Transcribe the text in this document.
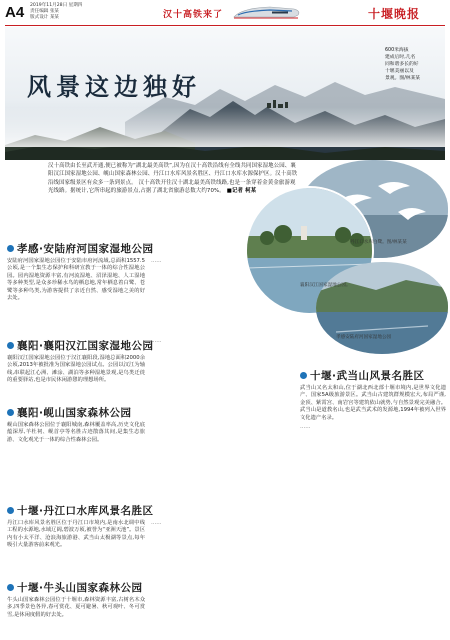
A4 2019年11月28日 星期四
责任编辑 张某
版式设计 某某	汉十高铁来了	十堰晚报
风景这边独好
600米海拔
建成后时,几名
同和谐多长的好
十堰美丽以及
景观。图/林某某
汉十高铁由长至武开通,便已被称为“湖北最美高铁”,因为在汉十高铁沿线有全线共同国家湿地公园、襄阳汉江国家湿地公园、岘山国家森林公园、丹江口水库风景名胜区、丹江口水库水源保护区。汉十高铁沿线国家级景区有众多一条到景点。 汉十高铁开往汉十湖北最美高铁线路,也是一条穿着金黄金旅游观光线路。据统计,它所串起的旅游景点,占据了湖北省旅游总数大约70%。 ■记者 柯某
丹江口水库白鹭。图/林某某
襄阳汉江国家湿地公园。
孝感安陆府河国家湿地公园
孝感·安陆府河国家湿地公园
安陆府河国家湿地公园位于安陆市府河流域,总面积1557.5公顷,是一个集生态保护和科研宣教于一体的综合性湿地公园。园内湿地资源丰富,有河流湿地、沼泽湿地、人工湿地等多种类型,是众多珍稀水鸟的栖息地,常年栖息着白鹭、苍鹭等多种鸟类,为游客提供了亲近自然、感受湿地之美的好去处。
襄阳·襄阳汉江国家湿地公园
襄阳汉江国家湿地公园位于汉江襄阳段,湿地总面积2000余公顷,2013年被批准为国家湿地公园试点。公园以汉江为轴线,串联起江心洲、滩涂、湖泊等多种湿地景观,是鸟类迁徙的重要驿站,也是市民休闲游憩的理想场所。
襄阳·岘山国家森林公园
岘山国家森林公园位于襄阳城南,森林覆盖率高,历史文化底蕴深厚,羊杜祠、岘首亭等名胜古迹散落其间,是集生态旅游、文化观光于一体的综合性森林公园。
十堰·丹江口水库风景名胜区
丹江口水库风景名胜区位于丹江口市境内,是南水北调中线工程的水源地,水域辽阔,碧波万顷,被誉为“亚洲天池”。景区内有小太平洋、沧浪海旅游港、武当山太极湖等景点,每年吸引大量游客前来观光。
十堰·牛头山国家森林公园
牛头山国家森林公园位于十堰市,森林资源丰富,古树名木众多,四季景色各异,春可赏花、夏可避暑、秋可观叶、冬可赏雪,是休闲度假的好去处。
……
……
……
十堰·武当山风景名胜区
武当山又名太和山,位于湖北西北部十堰市境内,是世界文化遗产、国家5A级旅游景区。武当山古建筑群规模宏大,布局严谨,金顶、紫霄宫、南岩宫等建筑依山就势,与自然景观完美融合。武当山是道教名山,也是武当武术的发源地,1994年被列入世界文化遗产名录。
……
